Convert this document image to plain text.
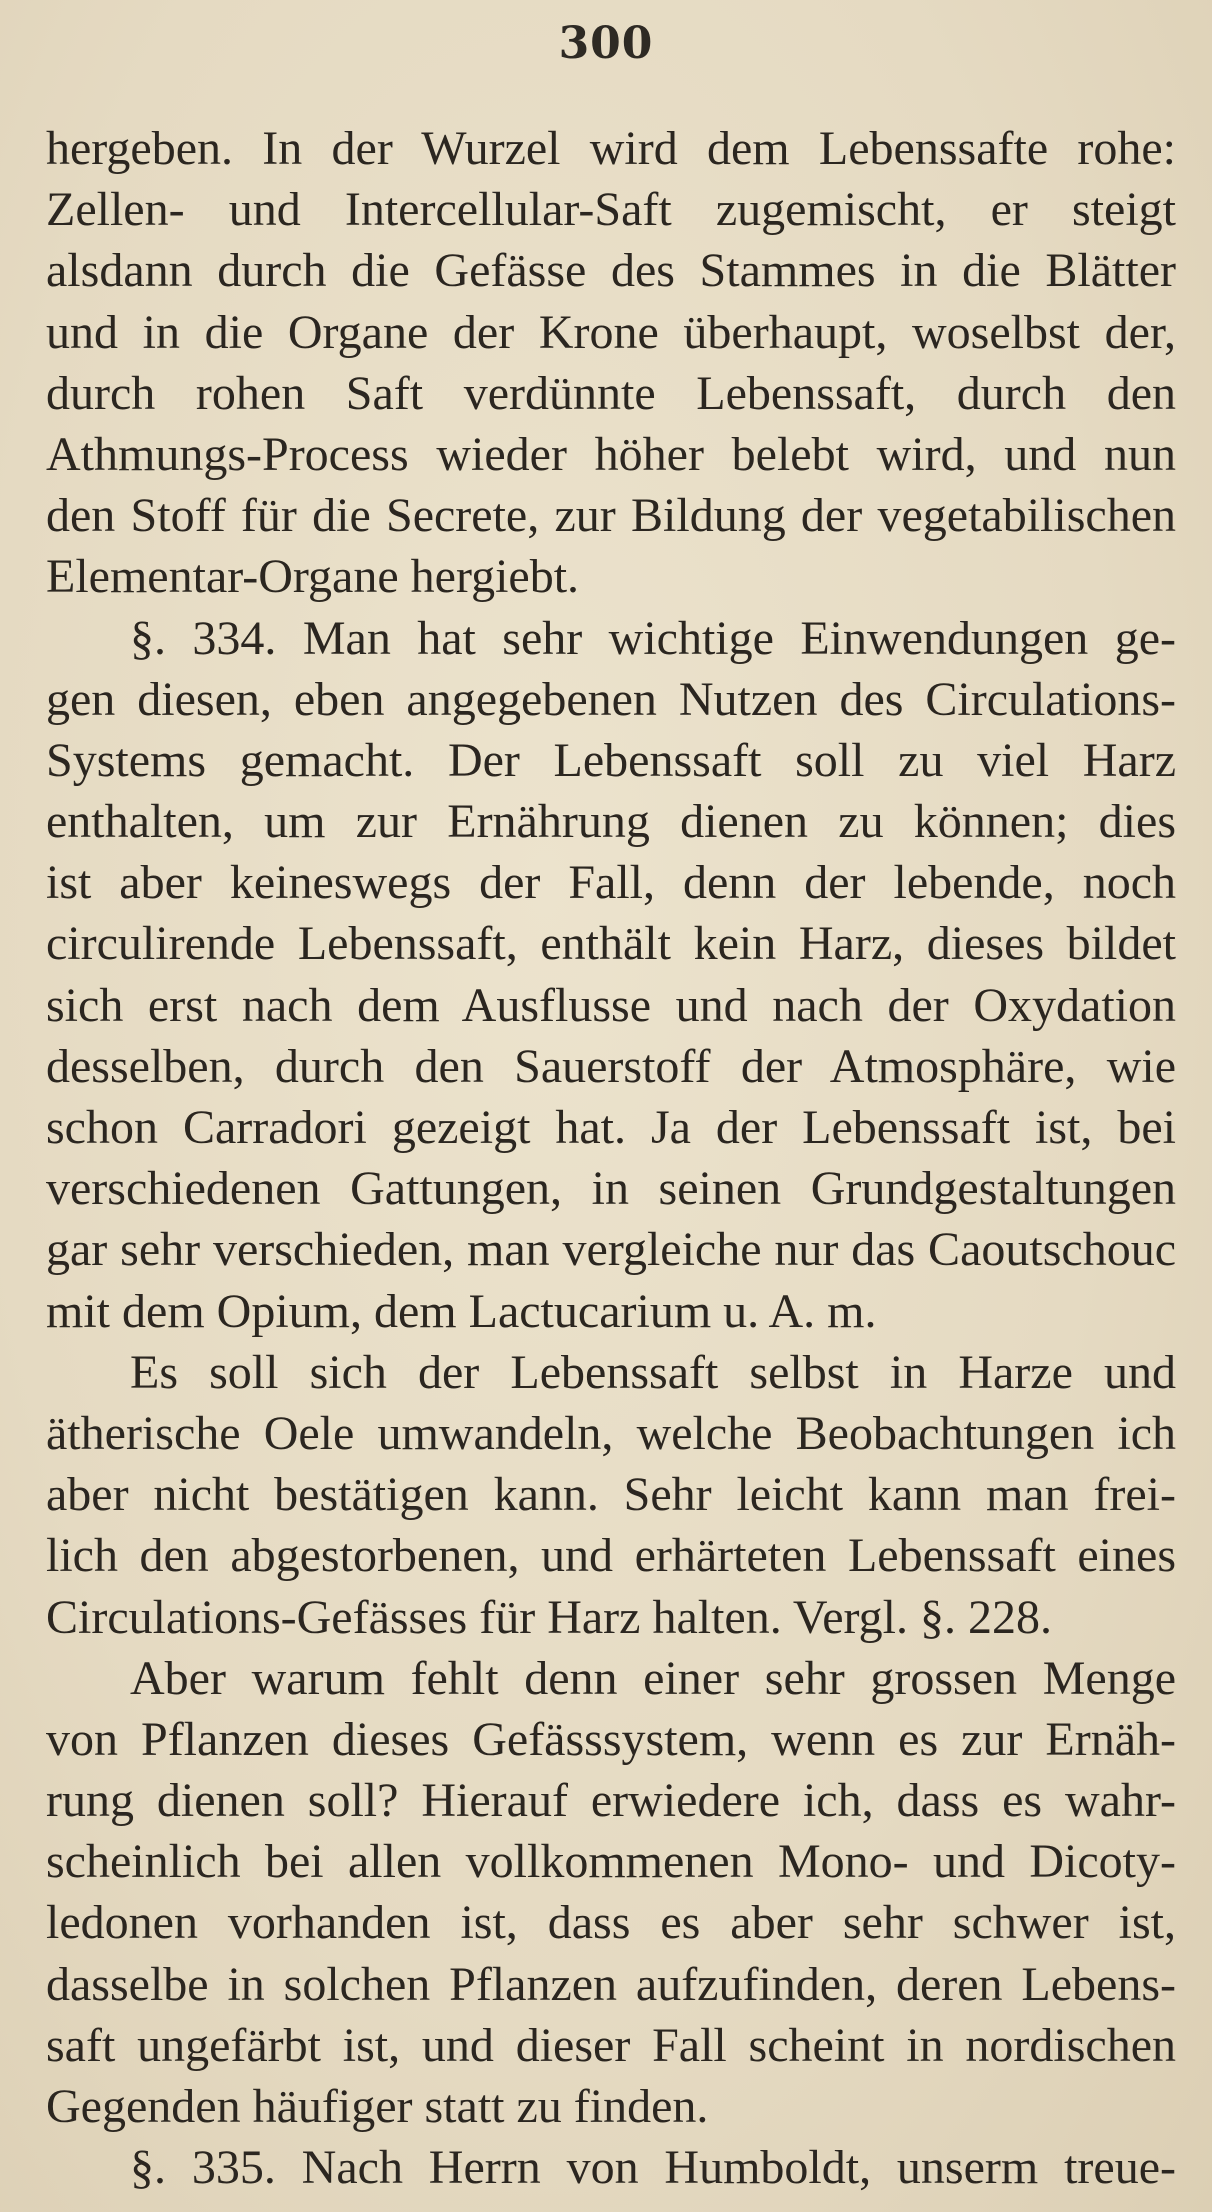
300
hergeben. In der Wurzel wird dem Lebenssafte rohe:
Zellen- und Intercellular-Saft zugemischt, er steigt
alsdann durch die Gefässe des Stammes in die Blätter
und in die Organe der Krone überhaupt, woselbst der,
durch rohen Saft verdünnte Lebenssaft, durch den
Athmungs-Process wieder höher belebt wird, und nun
den Stoff für die Secrete, zur Bildung der vegetabilischen
Elementar-Organe hergiebt.
§. 334. Man hat sehr wichtige Einwendungen ge-
gen diesen, eben angegebenen Nutzen des Circulations-
Systems gemacht. Der Lebenssaft soll zu viel Harz
enthalten, um zur Ernährung dienen zu können; dies
ist aber keineswegs der Fall, denn der lebende, noch
circulirende Lebenssaft, enthält kein Harz, dieses bildet
sich erst nach dem Ausflusse und nach der Oxydation
desselben, durch den Sauerstoff der Atmosphäre, wie
schon Carradori gezeigt hat. Ja der Lebenssaft ist, bei
verschiedenen Gattungen, in seinen Grundgestaltungen
gar sehr verschieden, man vergleiche nur das Caoutschouc
mit dem Opium, dem Lactucarium u. A. m.
Es soll sich der Lebenssaft selbst in Harze und
ätherische Oele umwandeln, welche Beobachtungen ich
aber nicht bestätigen kann. Sehr leicht kann man frei-
lich den abgestorbenen, und erhärteten Lebenssaft eines
Circulations-Gefässes für Harz halten. Vergl. §. 228.
Aber warum fehlt denn einer sehr grossen Menge
von Pflanzen dieses Gefässsystem, wenn es zur Ernäh-
rung dienen soll? Hierauf erwiedere ich, dass es wahr-
scheinlich bei allen vollkommenen Mono- und Dicoty-
ledonen vorhanden ist, dass es aber sehr schwer ist,
dasselbe in solchen Pflanzen aufzufinden, deren Lebens-
saft ungefärbt ist, und dieser Fall scheint in nordischen
Gegenden häufiger statt zu finden.
§. 335. Nach Herrn von Humboldt, unserm treue-
